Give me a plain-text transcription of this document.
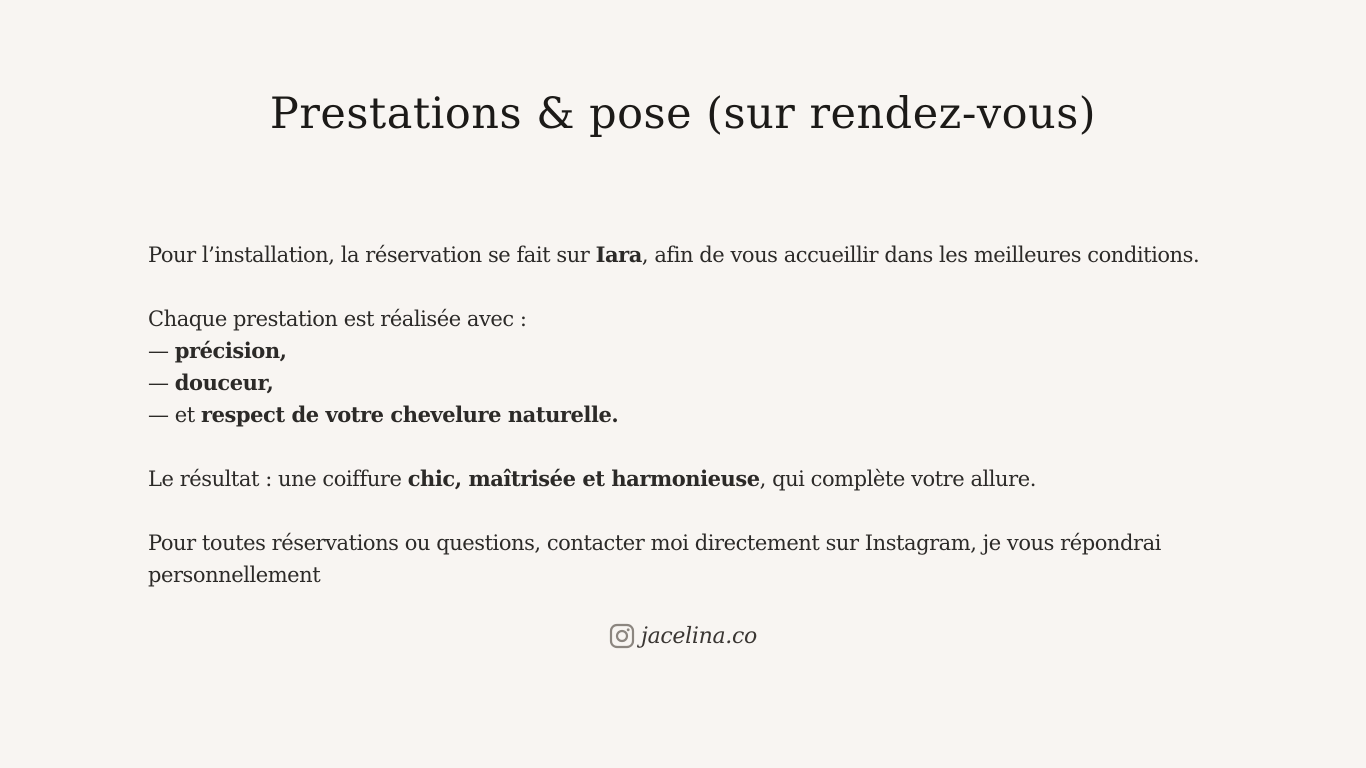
Prestations & pose (sur rendez-vous)

Pour l’installation, la réservation se fait sur Iara, afin de vous accueillir dans les meilleures conditions.

Chaque prestation est réalisée avec :

— précision,

— douceur,

— et respect de votre chevelure naturelle.

Le résultat : une coiffure chic, maîtrisée et harmonieuse, qui complète votre allure.

Pour toutes réservations ou questions, contacter moi directement sur Instagram, je vous répondrai personnellement

jacelina.co
